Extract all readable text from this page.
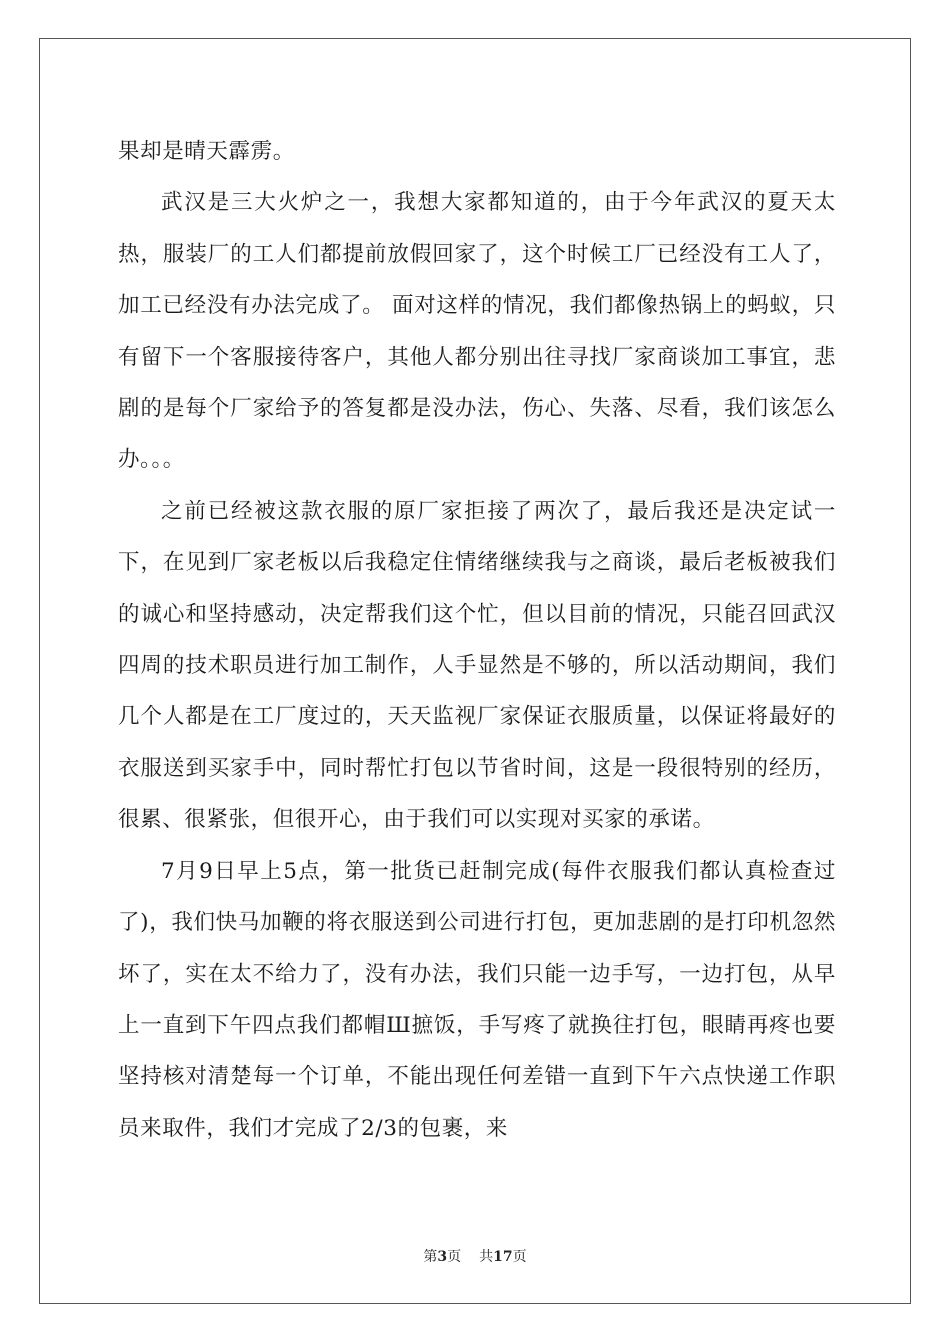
果却是晴天霹雳。

武汉是三大火炉之一，我想大家都知道的，由于今年武汉的夏天太热，服装厂的工人们都提前放假回家了，这个时候工厂已经没有工人了，加工已经没有办法完成了。 面对这样的情况，我们都像热锅上的蚂蚁，只有留下一个客服接待客户，其他人都分别出往寻找厂家商谈加工事宜，悲剧的是每个厂家给予的答复都是没办法，伤心、失落、尽看，我们该怎么办。。。

之前已经被这款衣服的原厂家拒接了两次了，最后我还是决定试一下，在见到厂家老板以后我稳定住情绪继续我与之商谈，最后老板被我们的诚心和坚持感动，决定帮我们这个忙，但以目前的情况，只能召回武汉四周的技术职员进行加工制作，人手显然是不够的，所以活动期间，我们几个人都是在工厂度过的，天天监视厂家保证衣服质量，以保证将最好的衣服送到买家手中，同时帮忙打包以节省时间，这是一段很特别的经历，很累、很紧张，但很开心，由于我们可以实现对买家的承诺。

7月9日早上5点，第一批货已赶制完成(每件衣服我们都认真检查过了)，我们快马加鞭的将衣服送到公司进行打包，更加悲剧的是打印机忽然坏了，实在太不给力了，没有办法，我们只能一边手写，一边打包，从早上一直到下午四点我们都帽Ш摭饭，手写疼了就换往打包，眼睛再疼也要坚持核对清楚每一个订单，不能出现任何差错一直到下午六点快递工作职员来取件，我们才完成了2/3的包裹，来

第3页 共17页
